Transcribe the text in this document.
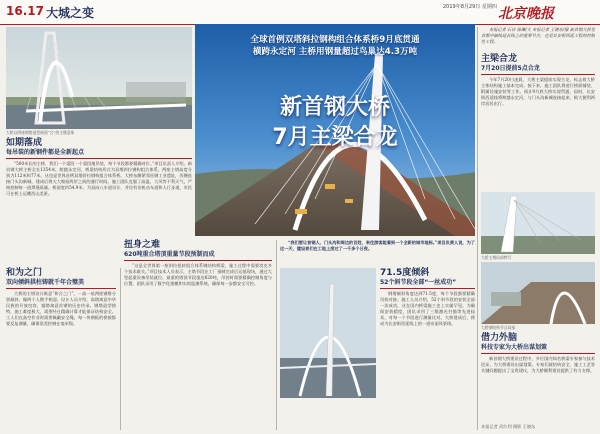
16.17 大城之变	2019年8月29日 星期四 北京晚报
大桥以两座钢塔造型展现“合”的主题意象
如期落成
每吊装的新钢件都是全新起点

“500米长的主桥，我们一个梁段一个梁段地吊装，每个节段都要精确对位。”项目负责人介绍。新首钢大桥主桥全长1354米，跨越永定河，桥梁结构形式为双塔斜拉钢构组合体系，两座主塔高度分别为112米和77米，这也是世界首例双塔斜拉钢构组合体系桥。大桥东侧紧邻首钢工业遗址，西侧连接门头沟新城，建成后将大大缩短两岸之间的通行时间。施工团队克服了高温、大风等不利天气，严格控制每一道焊缝质量。桥面宽约54.9米，为双向八车道设计，并设有非机动车道和人行步道，市民可在桥上远眺西山美景。

全球首例双塔斜拉钢构组合体系桥9月底贯通
横跨永定河 主桥用钢量超过鸟巢达4.3万吨
新首钢大桥
7月主梁合龙

本报记者 石岩 陈琳/文 本报记者 王晓东/摄 新首钢大桥是首都中轴线延长线上的重要节点，也是长安街西延工程的控制性工程。

主梁合龙
7月20日提前5点合龙

今年7月20日凌晨，大桥主梁提前实现合龙，标志着大桥主体结构施工基本完成。接下来，施工团队将进行桥面铺装、附属设施安装等工作。预计9月底大桥实现贯通，届时，长安街西延线将跨越永定河，与门头沟新城连接起来，极大便利两岸居民出行。

大桥主塔局部特写
大桥钢结构节点局部
和为之门
双向倾斜拱柱铸就千年合璧美

大桥的主塔设计寓意“和合之门”，一高一低两座钢塔分别倾斜，像两个人携手相迎。设计人员介绍，高塔寓意中华民族的开放包容，矮塔寓意首钢的历史传承。钢塔造型独特，施工难度极大，需要经过精确计算才能保证结构安全。工人们在高空作业时需要佩戴安全绳，每一块钢板的拼接都要反复测量，确保误差控制在毫米级。

扭身之难
620吨重合塔顶重量节段预制而成

“这是全世界第一座斜拉扭转组合体系钢结构桥梁，施工过程中需要攻克多个技术难关。”项目技术人员表示，主塔节段在工厂预制完成后运抵现场，通过大型起重设备吊装就位。最重的塔顶节段重达620吨，吊装时需要精确控制角度与位置。团队采用了数字化建模和实时监测系统，确保每一步都安全可控。

“我们要让首钢人、门头沟和周边的百姓、来往游客能看到一个全新的城市地标。”项目负责人说，为了这一天，建设者们在工地上度过了一千多个日夜。

71.5度倾斜
52个斜节段全部“一丝成功”

钢塔倾斜角度达到71.5度，每个节段都要精确吊装对接。施工人员介绍，52个斜节段的安装全部一次成功，这在国内桥梁施工史上实属罕见。为确保安装精度，团队采用了三维激光扫描等先进技术，对每一个节段进行测量比对。大桥建成后，将成为长安街西延线上的一道亮丽风景线。

借力外脑
科技专家为大桥出谋划策

新首钢大桥建设过程中，多位国内知名桥梁专家参与技术论证，为大桥建设出谋划策。专家们就结构安全、施工工艺等关键问题提出了宝贵建议，为大桥顺利建设提供了有力支撑。

本报记者 武红利 摄影 王晓东
